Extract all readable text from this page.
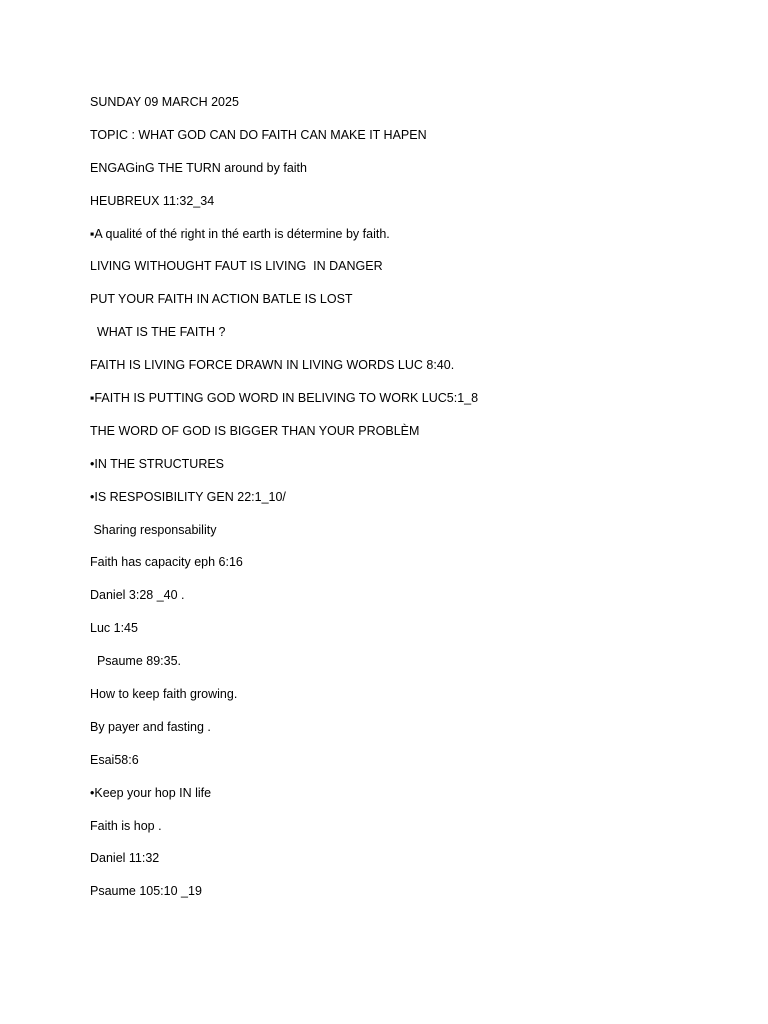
SUNDAY 09 MARCH 2025
TOPIC : WHAT GOD CAN DO FAITH CAN MAKE IT HAPEN
ENGAGinG THE TURN around by faith
HEUBREUX 11:32_34
▪A qualité of thé right in thé earth is détermine by faith.
LIVING WITHOUGHT FAUT IS LIVING  IN DANGER
PUT YOUR FAITH IN ACTION BATLE IS LOST
WHAT IS THE FAITH ?
FAITH IS LIVING FORCE DRAWN IN LIVING WORDS LUC 8:40.
▪FAITH IS PUTTING GOD WORD IN BELIVING TO WORK LUC5:1_8
THE WORD OF GOD IS BIGGER THAN YOUR PROBLÈM
•IN THE STRUCTURES
•IS RESPOSIBILITY GEN 22:1_10/
Sharing responsability
Faith has capacity eph 6:16
Daniel 3:28 _40 .
Luc 1:45
Psaume 89:35.
How to keep faith growing.
By payer and fasting .
Esai58:6
•Keep your hop IN life
Faith is hop .
Daniel 11:32
Psaume 105:10 _19
